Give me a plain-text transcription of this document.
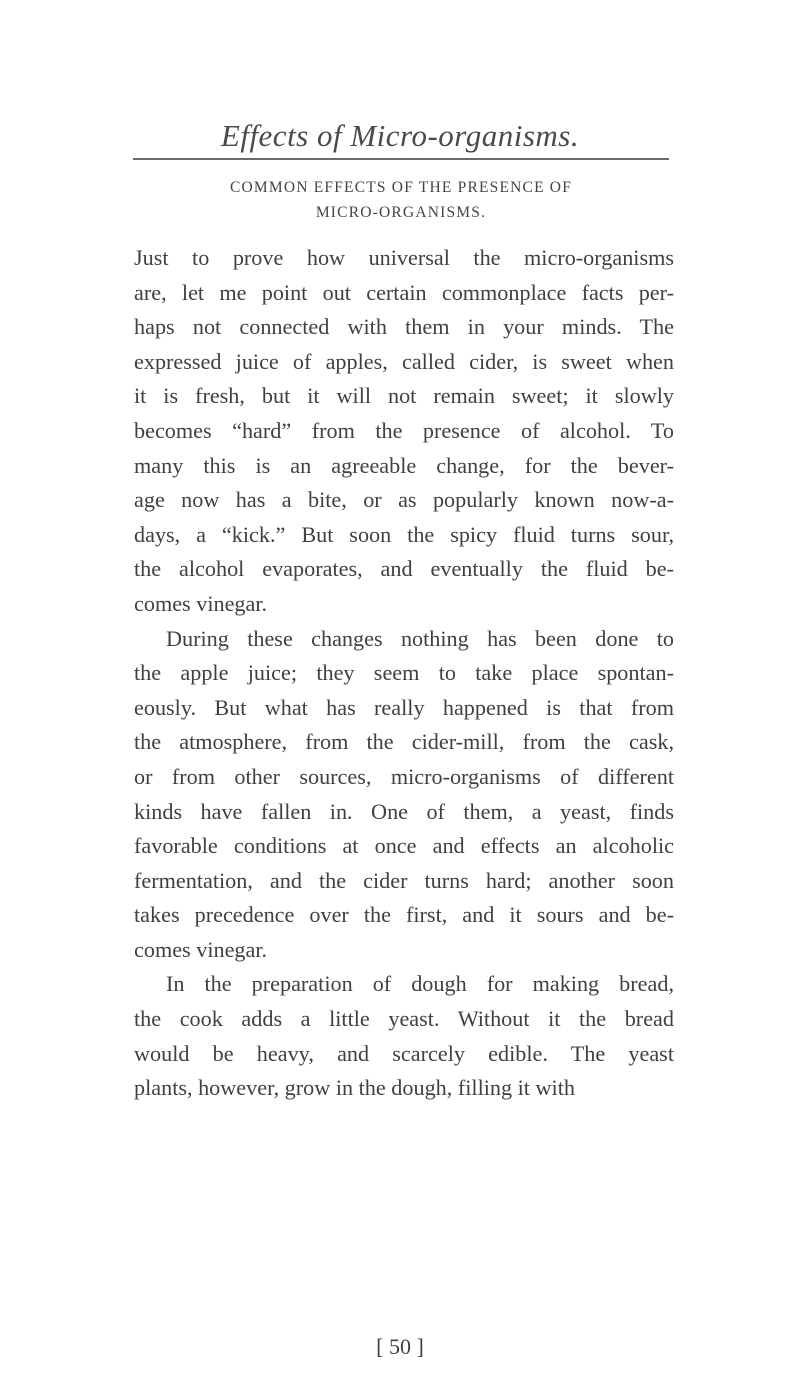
Effects of Micro-organisms.
COMMON EFFECTS OF THE PRESENCE OF
MICRO-ORGANISMS.

Just to prove how universal the micro-organisms
are, let me point out certain commonplace facts per-
haps not connected with them in your minds. The
expressed juice of apples, called cider, is sweet when
it is fresh, but it will not remain sweet; it slowly
becomes “hard” from the presence of alcohol. To
many this is an agreeable change, for the bever-
age now has a bite, or as popularly known now-a-
days, a “kick.” But soon the spicy fluid turns sour,
the alcohol evaporates, and eventually the fluid be-
comes vinegar.

During these changes nothing has been done to
the apple juice; they seem to take place spontan-
eously. But what has really happened is that from
the atmosphere, from the cider-mill, from the cask,
or from other sources, micro-organisms of different
kinds have fallen in. One of them, a yeast, finds
favorable conditions at once and effects an alcoholic
fermentation, and the cider turns hard; another soon
takes precedence over the first, and it sours and be-
comes vinegar.

In the preparation of dough for making bread,
the cook adds a little yeast. Without it the bread
would be heavy, and scarcely edible. The yeast
plants, however, grow in the dough, filling it with

[ 50 ]
